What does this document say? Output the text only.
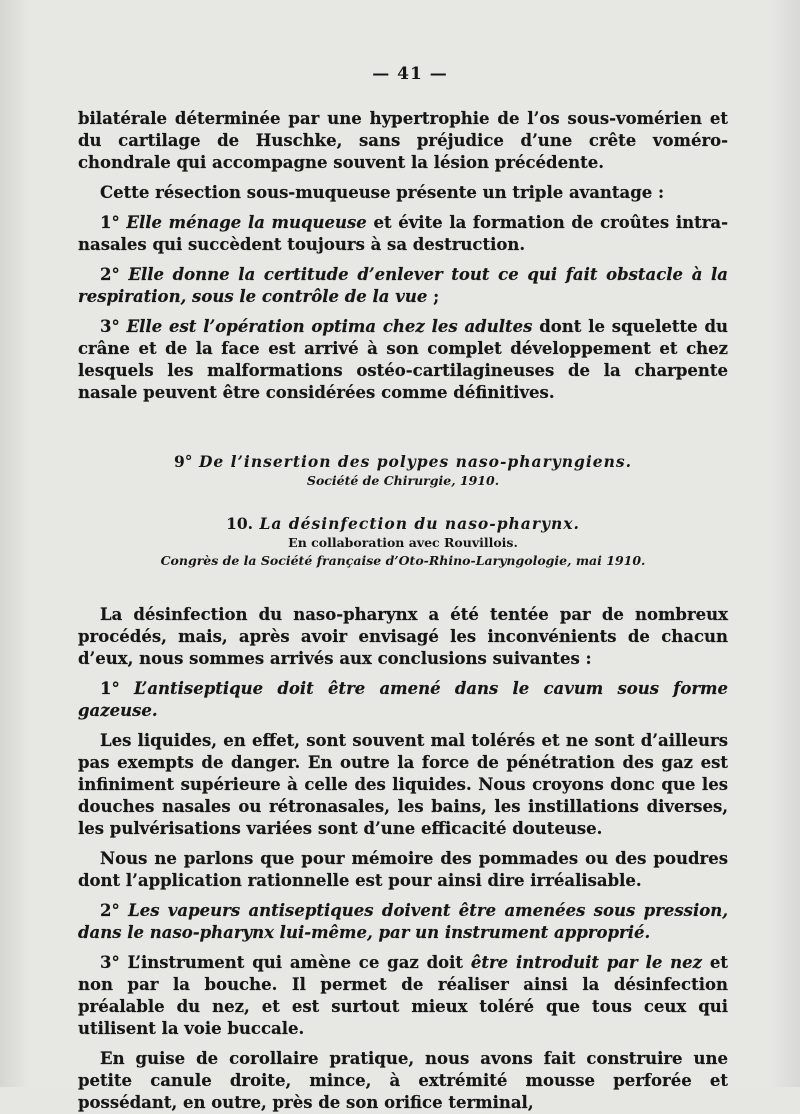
— 41 —

bilatérale déterminée par une hypertrophie de l’os sous-vomérien et du cartilage de Huschke, sans préjudice d’une crête voméro-chondrale qui accompagne souvent la lésion précédente.

Cette résection sous-muqueuse présente un triple avantage :

1° Elle ménage la muqueuse et évite la formation de croûtes intra-nasales qui succèdent toujours à sa destruction.

2° Elle donne la certitude d’enlever tout ce qui fait obstacle à la respiration, sous le contrôle de la vue ;

3° Elle est l’opération optima chez les adultes dont le squelette du crâne et de la face est arrivé à son complet développement et chez lesquels les malformations ostéo-cartilagineuses de la charpente nasale peuvent être considérées comme définitives.

9° De l’insertion des polypes naso-pharyngiens.
Société de Chirurgie, 1910.
10. La désinfection du naso-pharynx.
En collaboration avec Rouvillois.
Congrès de la Société française d’Oto-Rhino-Laryngologie, mai 1910.

La désinfection du naso-pharynx a été tentée par de nombreux procédés, mais, après avoir envisagé les inconvénients de chacun d’eux, nous sommes arrivés aux conclusions suivantes :

1° L’antiseptique doit être amené dans le cavum sous forme gazeuse.

Les liquides, en effet, sont souvent mal tolérés et ne sont d’ailleurs pas exempts de danger. En outre la force de pénétration des gaz est infiniment supérieure à celle des liquides. Nous croyons donc que les douches nasales ou rétronasales, les bains, les instillations diverses, les pulvérisations variées sont d’une efficacité douteuse.

Nous ne parlons que pour mémoire des pommades ou des poudres dont l’application rationnelle est pour ainsi dire irréalisable.

2° Les vapeurs antiseptiques doivent être amenées sous pression, dans le naso-pharynx lui-même, par un instrument approprié.

3° L’instrument qui amène ce gaz doit être introduit par le nez et non par la bouche. Il permet de réaliser ainsi la désinfection préalable du nez, et est surtout mieux toléré que tous ceux qui utilisent la voie buccale.

En guise de corollaire pratique, nous avons fait construire une petite canule droite, mince, à extrémité mousse perforée et possédant, en outre, près de son orifice terminal,
